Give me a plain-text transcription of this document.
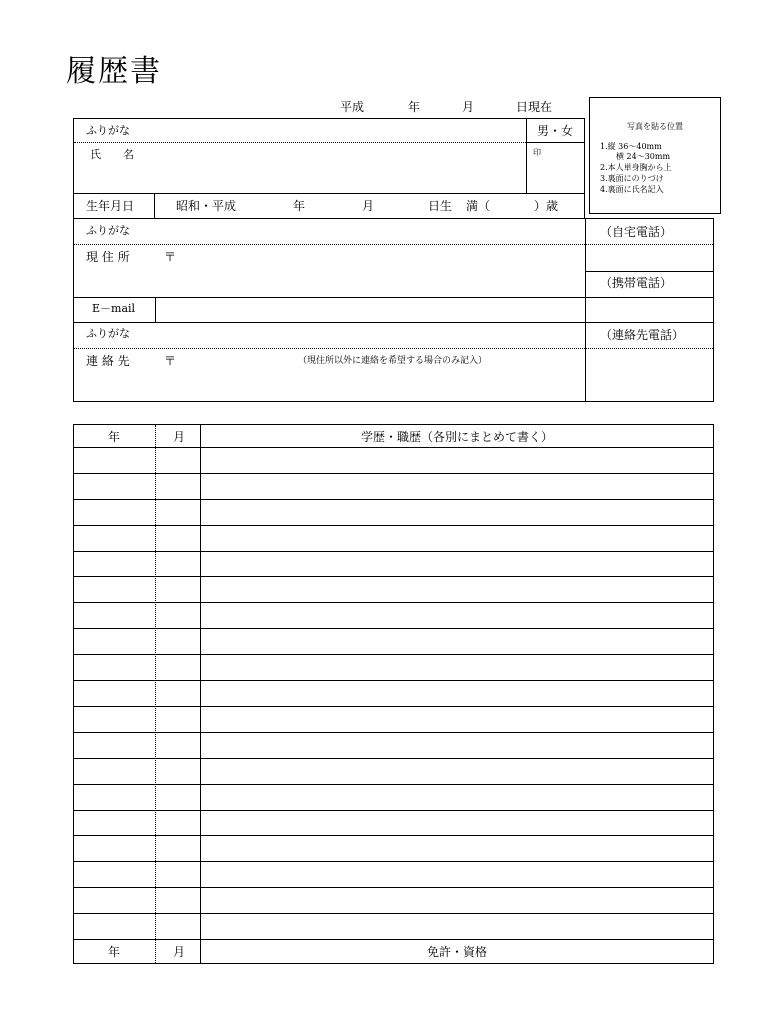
履歴書
平成	年	月	日現在
写真を貼る位置
1.縦 36～40mm
横 24～30mm
2.本人単身胸から上
3.裏面にのりづけ
4.裏面に氏名記入
ふりがな	男・女
氏　　名	印
生年月日	昭和・平成	年	月	日生 満（	）歳
ふりがな	（自宅電話）
現 住 所	〒
（携帯電話）
E－mail
ふりがな	（連絡先電話）
連 絡 先	〒	（現住所以外に連絡を希望する場合のみ記入）
年	月	学歴・職歴（各別にまとめて書く）
年	月	免許・資格
